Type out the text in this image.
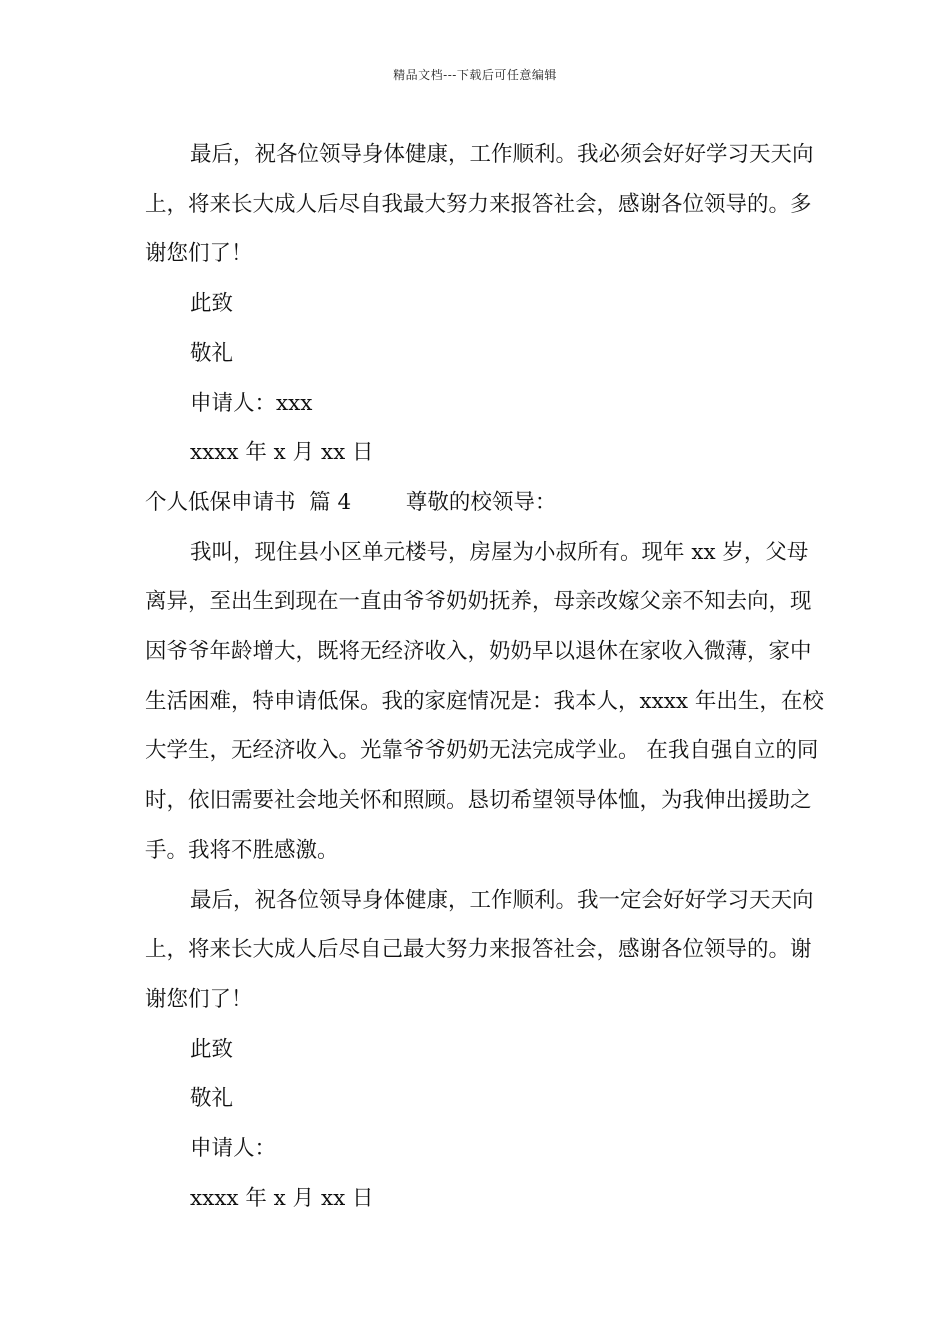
精品文档---下载后可任意编辑

最后，祝各位领导身体健康，工作顺利。我必须会好好学习天天向上，将来长大成人后尽自我最大努力来报答社会，感谢各位领导的。多谢您们了！

此致

敬礼

申请人：xxx

xxxx 年 x 月 xx 日

个人低保申请书  篇 4        尊敬的校领导：

我叫，现住县小区单元楼号，房屋为小叔所有。现年 xx 岁，父母离异，至出生到现在一直由爷爷奶奶抚养，母亲改嫁父亲不知去向，现因爷爷年龄增大，既将无经济收入，奶奶早以退休在家收入微薄，家中生活困难，特申请低保。我的家庭情况是：我本人，xxxx 年出生，在校大学生，无经济收入。光靠爷爷奶奶无法完成学业。 在我自强自立的同时，依旧需要社会地关怀和照顾。恳切希望领导体恤，为我伸出援助之手。我将不胜感激。

最后，祝各位领导身体健康，工作顺利。我一定会好好学习天天向上，将来长大成人后尽自己最大努力来报答社会，感谢各位领导的。谢谢您们了！

此致

敬礼

申请人：

xxxx 年 x 月 xx 日
